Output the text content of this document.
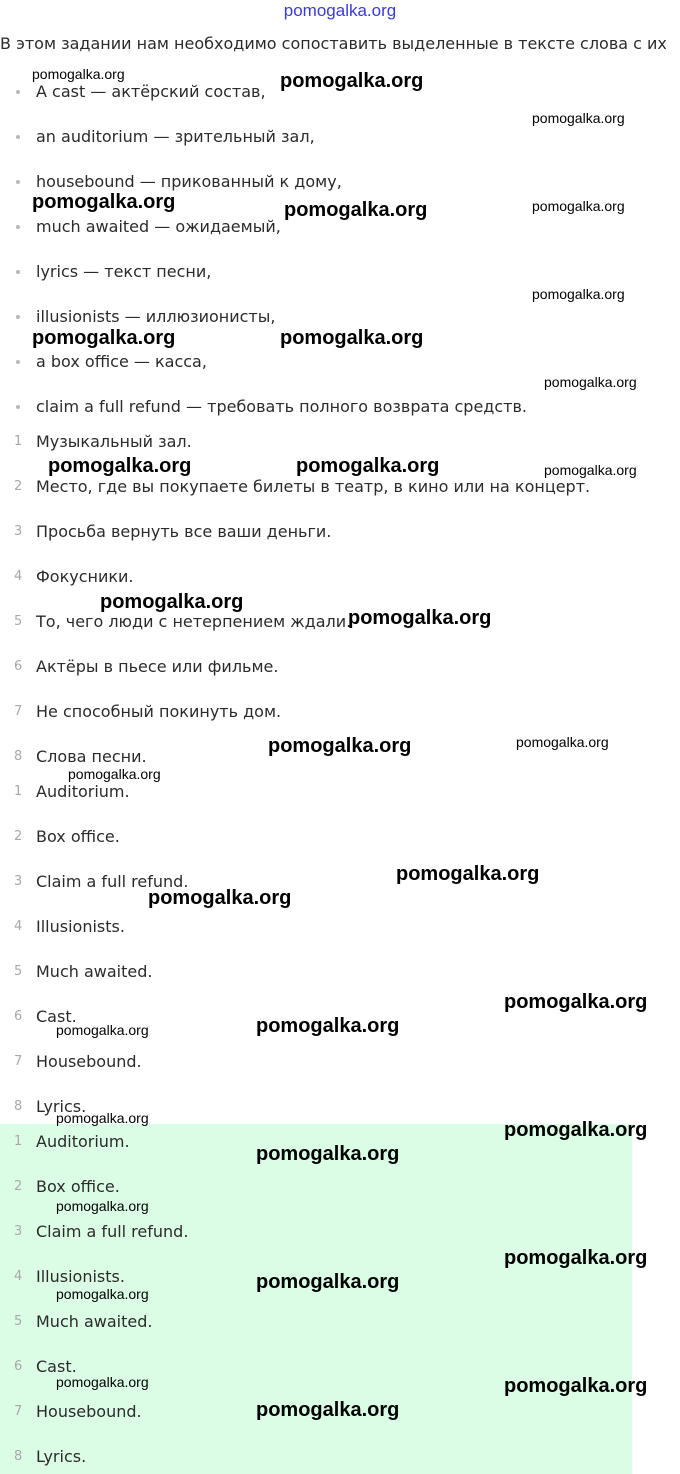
pomogalka.org
В этом задании нам необходимо сопоставить выделенные в тексте слова с их
A cast — актёрский состав,
an auditorium — зрительный зал,
housebound — прикованный к дому,
much awaited — ожидаемый,
lyrics — текст песни,
illusionists — иллюзионисты,
a box office — касса,
claim a full refund — требовать полного возврата средств.
1 Музыкальный зал.
2 Место, где вы покупаете билеты в театр, в кино или на концерт.
3 Просьба вернуть все ваши деньги.
4 Фокусники.
5 То, чего люди с нетерпением ждали.
6 Актёры в пьесе или фильме.
7 Не способный покинуть дом.
8 Слова песни.
1 Auditorium.
2 Box office.
3 Claim a full refund.
4 Illusionists.
5 Much awaited.
6 Cast.
7 Housebound.
8 Lyrics.
1 Auditorium.
2 Box office.
3 Claim a full refund.
4 Illusionists.
5 Much awaited.
6 Cast.
7 Housebound.
8 Lyrics.
pomogalka.org	pomogalka.org
pomogalka.org
pomogalka.org	pomogalka.org	pomogalka.org
pomogalka.org
pomogalka.org	pomogalka.org
pomogalka.org
pomogalka.org	pomogalka.org	pomogalka.org
pomogalka.org
pomogalka.org
pomogalka.org	pomogalka.org
pomogalka.org
pomogalka.org
pomogalka.org
pomogalka.org
pomogalka.org
pomogalka.org
pomogalka.org
pomogalka.org
pomogalka.org
pomogalka.org
pomogalka.org
pomogalka.org
pomogalka.org
pomogalka.org
pomogalka.org
pomogalka.org
